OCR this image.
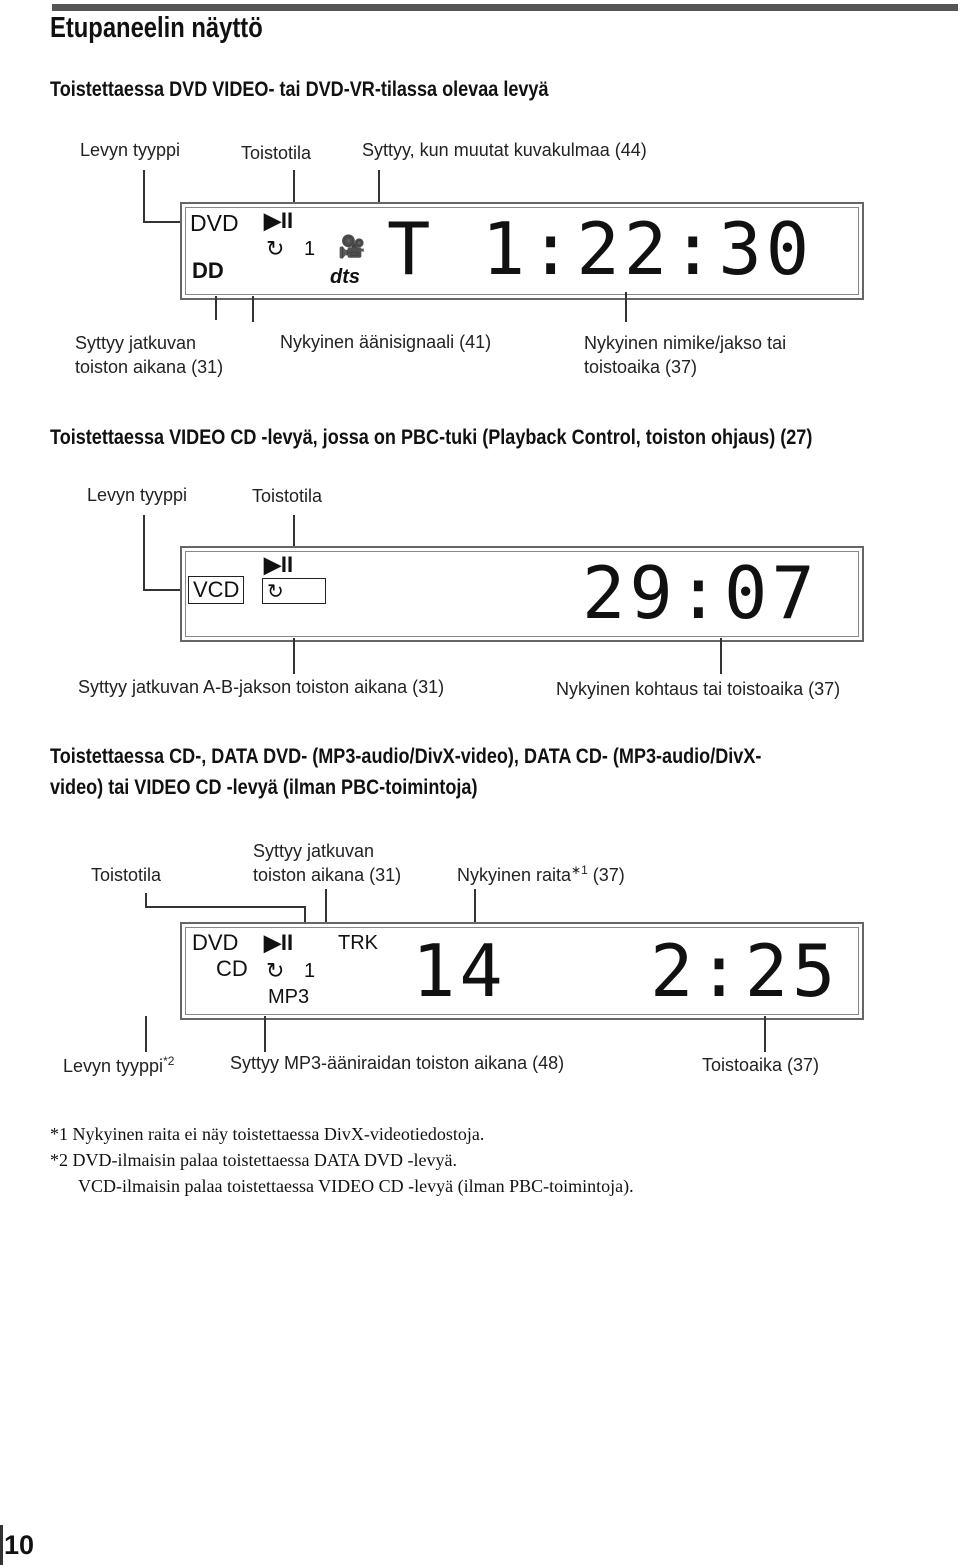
Etupaneelin näyttö
Toistettaessa DVD VIDEO- tai DVD-VR-tilassa olevaa levyä
Levyn tyyppi	Toistotila	Syttyy, kun muutat kuvakulmaa (44)
DVD
DD
▶II
↻ 1 🎥
dts T 1:22:30
Syttyy jatkuvan
toiston aikana (31)
Nykyinen äänisignaali (41)	Nykyinen nimike/jakso tai
toistoaika (37)
Toistettaessa VIDEO CD -levyä, jossa on PBC-tuki (Playback Control, toiston ohjaus) (27)
Levyn tyyppi	Toistotila
VCD
▶II
↻	29:07
Syttyy jatkuvan A-B-jakson toiston aikana (31)	Nykyinen kohtaus tai toistoaika (37)
Toistettaessa CD-, DATA DVD- (MP3-audio/DivX-video), DATA CD- (MP3-audio/DivX-
video) tai VIDEO CD -levyä (ilman PBC-toimintoja)
Toistotila
Syttyy jatkuvan
toiston aikana (31)	Nykyinen raita$^{∗1}$ (37)
DVD
CD
▶II
↻ 1
MP3
TRK 14 2:25
Levyn tyyppi$^{*2}$	Syttyy MP3-ääniraidan toiston aikana (48)	Toistoaika (37)
*1 Nykyinen raita ei näy toistettaessa DivX-videotiedostoja.
*2 DVD-ilmaisin palaa toistettaessa DATA DVD -levyä.
VCD-ilmaisin palaa toistettaessa VIDEO CD -levyä (ilman PBC-toimintoja).
10
